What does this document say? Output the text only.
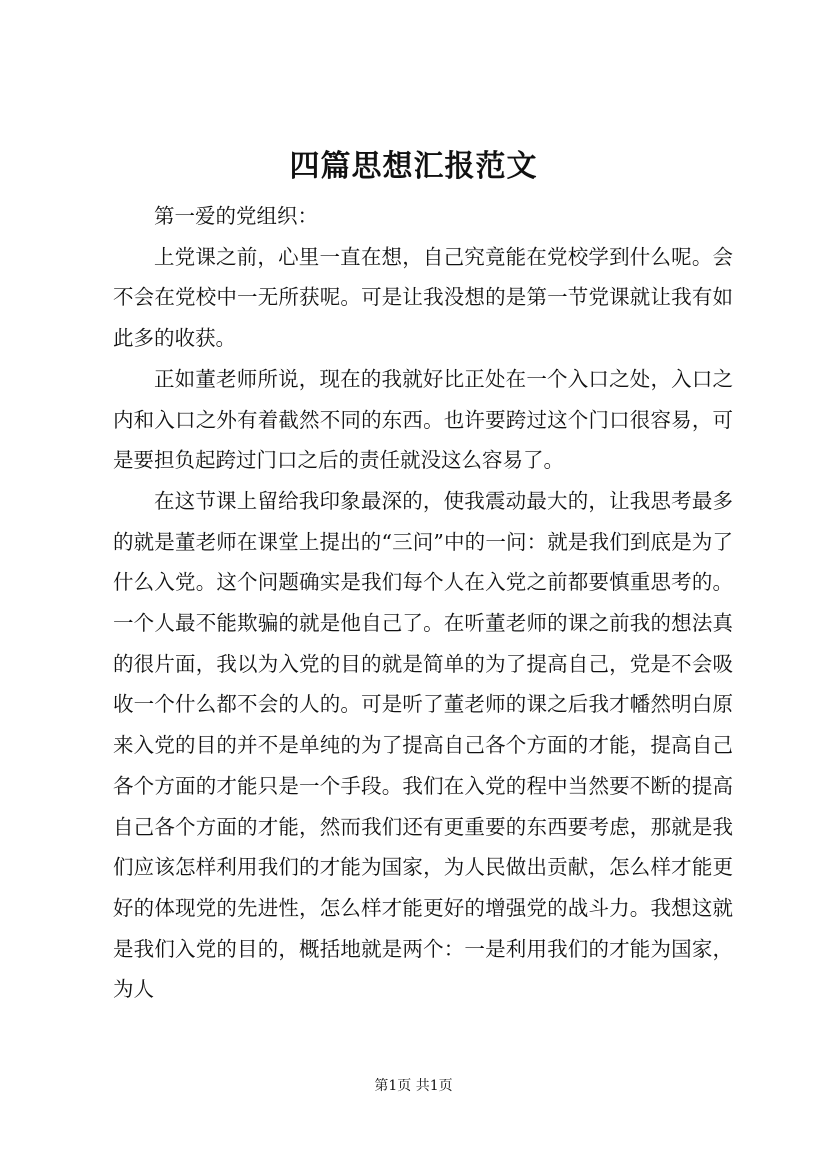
四篇思想汇报范文

第一爱的党组织：

上党课之前，心里一直在想，自己究竟能在党校学到什么呢。会不会在党校中一无所获呢。可是让我没想的是第一节党课就让我有如此多的收获。

正如董老师所说，现在的我就好比正处在一个入口之处，入口之内和入口之外有着截然不同的东西。也许要跨过这个门口很容易，可是要担负起跨过门口之后的责任就没这么容易了。

在这节课上留给我印象最深的，使我震动最大的，让我思考最多的就是董老师在课堂上提出的“三问”中的一问：就是我们到底是为了什么入党。这个问题确实是我们每个人在入党之前都要慎重思考的。一个人最不能欺骗的就是他自己了。在听董老师的课之前我的想法真的很片面，我以为入党的目的就是简单的为了提高自己，党是不会吸收一个什么都不会的人的。可是听了董老师的课之后我才幡然明白原来入党的目的并不是单纯的为了提高自己各个方面的才能，提高自己各个方面的才能只是一个手段。我们在入党的程中当然要不断的提高自己各个方面的才能，然而我们还有更重要的东西要考虑，那就是我们应该怎样利用我们的才能为国家，为人民做出贡献，怎么样才能更好的体现党的先进性，怎么样才能更好的增强党的战斗力。我想这就是我们入党的目的，概括地就是两个：一是利用我们的才能为国家，为人

第1页 共1页
